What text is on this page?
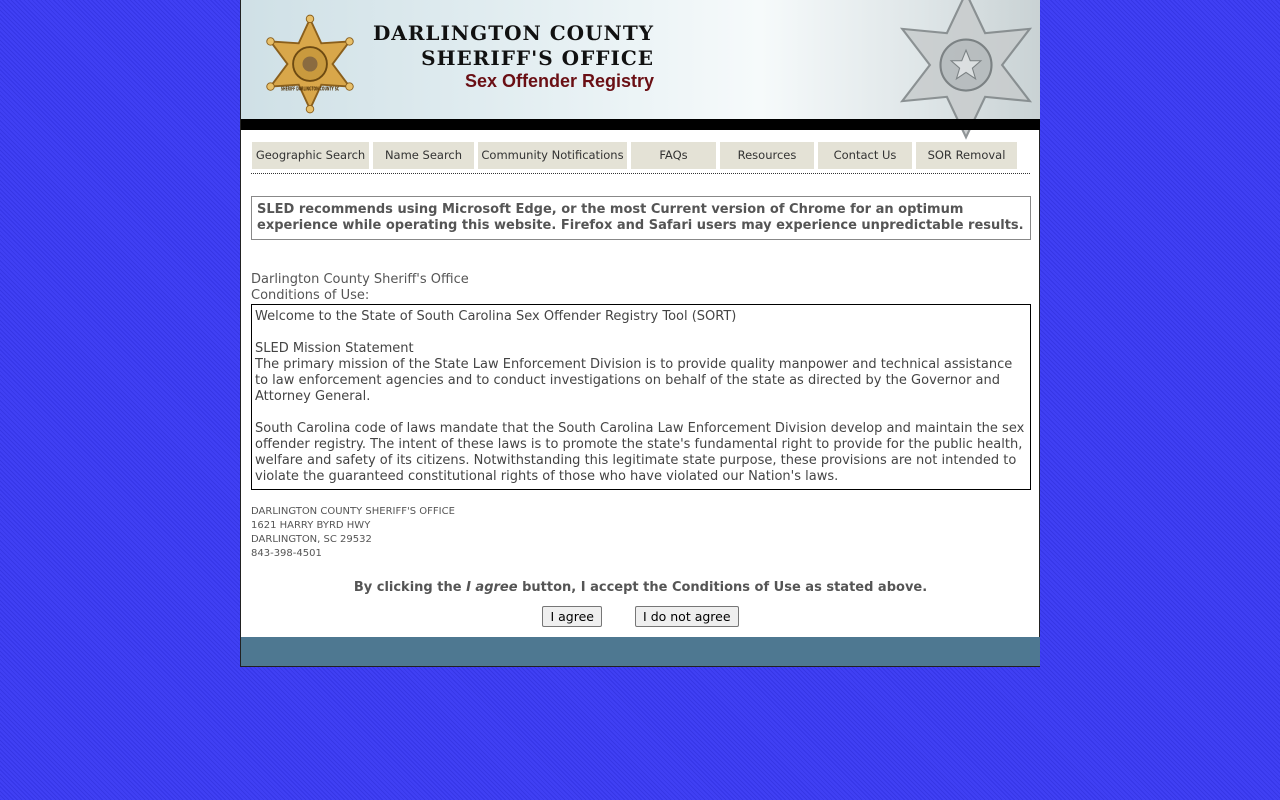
SHERIFF DARLINGTON COUNTY SC
DARLINGTON COUNTY
SHERIFF'S OFFICE
Sex Offender Registry
Geographic Search	Name Search	Community Notifications	FAQs	Resources	Contact Us	SOR Removal
SLED recommends using Microsoft Edge, or the most Current version of Chrome for an optimum experience while operating this website. Firefox and Safari users may experience unpredictable results.
Darlington County Sheriff's Office
Conditions of Use:

Welcome to the State of South Carolina Sex Offender Registry Tool (SORT)

SLED Mission Statement

The primary mission of the State Law Enforcement Division is to provide quality manpower and technical assistance to law enforcement agencies and to conduct investigations on behalf of the state as directed by the Governor and Attorney General.

South Carolina code of laws mandate that the South Carolina Law Enforcement Division develop and maintain the sex offender registry. The intent of these laws is to promote the state's fundamental right to provide for the public health, welfare and safety of its citizens. Notwithstanding this legitimate state purpose, these provisions are not intended to violate the guaranteed constitutional rights of those who have violated our Nation's laws.

DARLINGTON COUNTY SHERIFF'S OFFICE
1621 HARRY BYRD HWY
DARLINGTON, SC 29532
843-398-4501
By clicking the I agree button, I accept the Conditions of Use as stated above.
I agree	I do not agree
